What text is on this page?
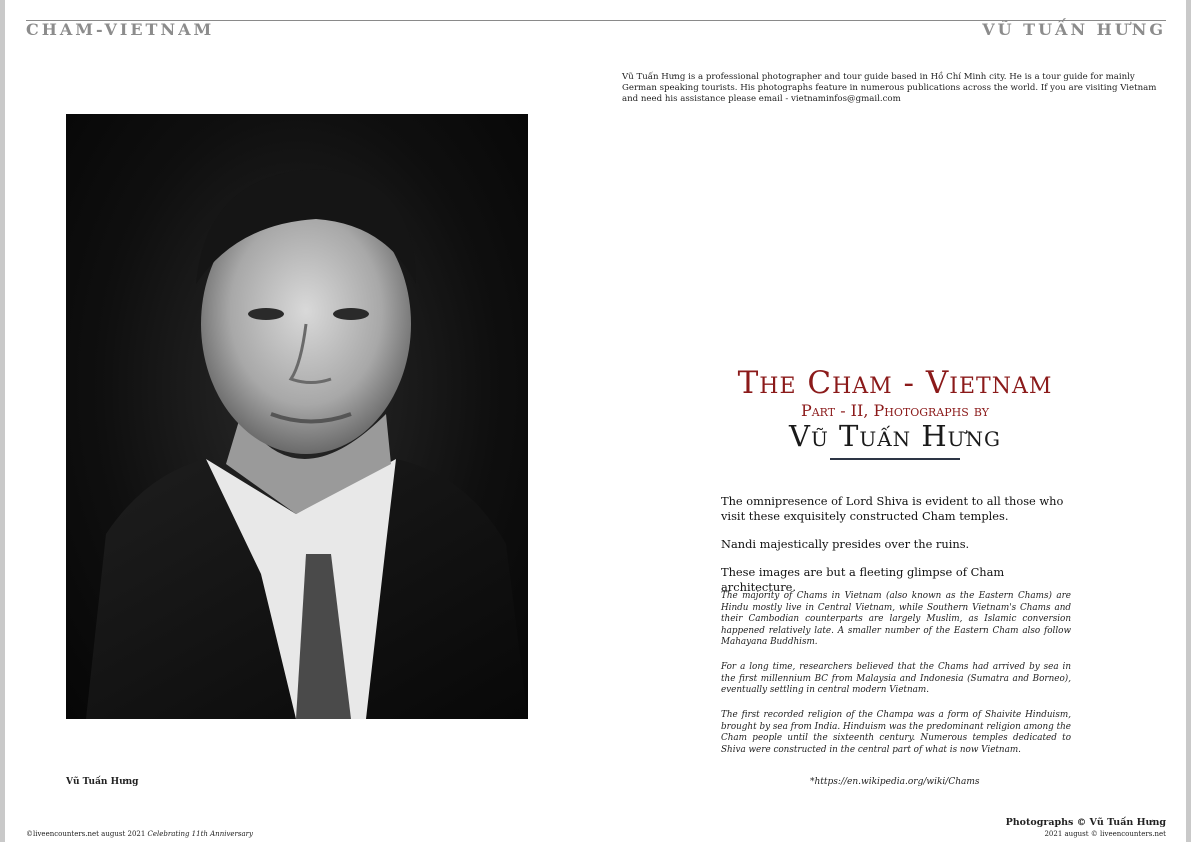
CHAM-VIETNAM	VŨ TUẤN HƯNG
Vũ Tuấn Hưng is a professional photographer and tour guide based in Hồ Chí Minh city. He is a tour guide for mainly German speaking tourists. His photographs feature in numerous publications across the world. If you are visiting Vietnam and need his assistance please email - vietnaminfos@gmail.com
Vũ Tuấn Hưng
The Cham - Vietnam
Part - II, Photographs by
Vũ Tuấn Hưng
The omnipresence of Lord Shiva is evident to all those who visit these exquisitely constructed Cham temples.
Nandi majestically presides over the ruins.
These images are but a fleeting glimpse of Cham architecture.
The majority of Chams in Vietnam (also known as the Eastern Chams) are Hindu mostly live in Central Vietnam, while Southern Vietnam's Chams and their Cambodian counterparts are largely Muslim, as Islamic conversion happened relatively late. A smaller number of the Eastern Cham also follow Mahayana Buddhism.
For a long time, researchers believed that the Chams had arrived by sea in the first millennium BC from Malaysia and Indonesia (Sumatra and Borneo), eventually settling in central modern Vietnam.
The first recorded religion of the Champa was a form of Shaivite Hinduism, brought by sea from India. Hinduism was the predominant religion among the Cham people until the sixteenth century. Numerous temples dedicated to Shiva were constructed in the central part of what is now Vietnam.
*https://en.wikipedia.org/wiki/Chams
Photographs © Vũ Tuấn Hưng
©liveencounters.net august 2021 Celebrating 11th Anniversary	2021 august © liveencounters.net
